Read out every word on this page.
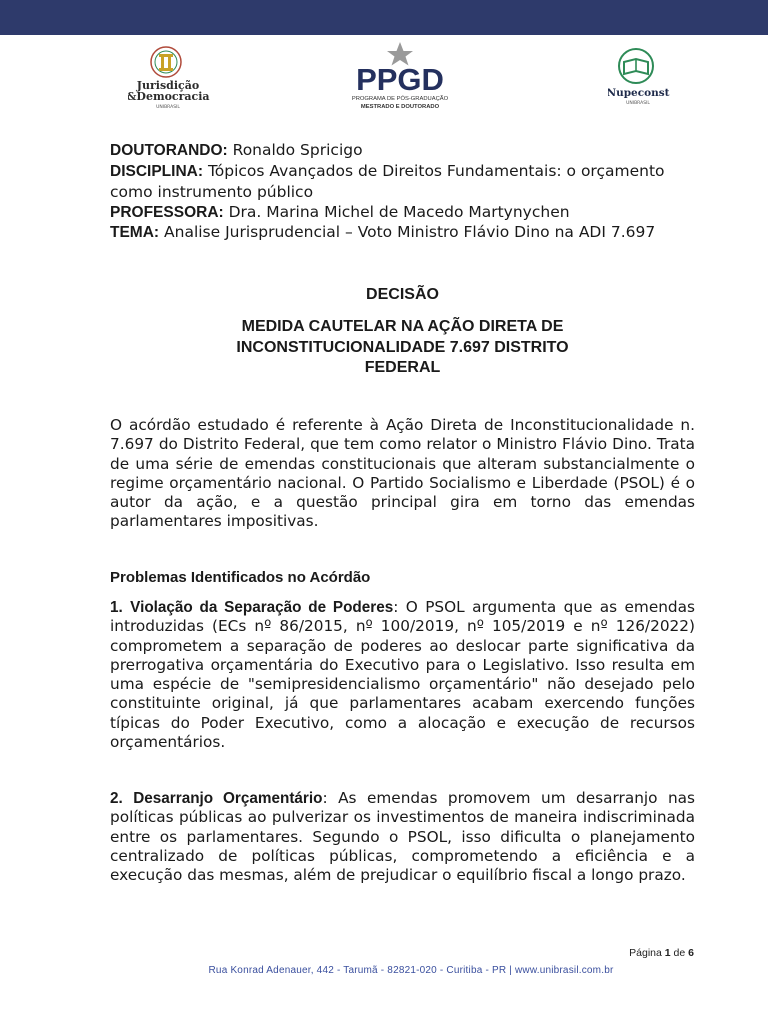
Jurisdição
&Democracia
UNIBRASIL
PPGD
PROGRAMA DE PÓS-GRADUAÇÃO
MESTRADO E DOUTORADO
Nupeconst
UNIBRASIL
DOUTORANDO: Ronaldo Spricigo
DISCIPLINA: Tópicos Avançados de Direitos Fundamentais: o orçamento como instrumento público
PROFESSORA: Dra. Marina Michel de Macedo Martynychen
TEMA: Analise Jurisprudencial – Voto Ministro Flávio Dino na ADI 7.697
DECISÃO
MEDIDA CAUTELAR NA AÇÃO DIRETA DE
INCONSTITUCIONALIDADE 7.697 DISTRITO
FEDERAL
O acórdão estudado é referente à Ação Direta de Inconstitucionalidade n. 7.697 do Distrito Federal, que tem como relator o Ministro Flávio Dino. Trata de uma série de emendas constitucionais que alteram substancialmente o regime orçamentário nacional. O Partido Socialismo e Liberdade (PSOL) é o autor da ação, e a questão principal gira em torno das emendas parlamentares impositivas.
Problemas Identificados no Acórdão
1. Violação da Separação de Poderes: O PSOL argumenta que as emendas introduzidas (ECs nº 86/2015, nº 100/2019, nº 105/2019 e nº 126/2022) comprometem a separação de poderes ao deslocar parte significativa da prerrogativa orçamentária do Executivo para o Legislativo. Isso resulta em uma espécie de "semipresidencialismo orçamentário" não desejado pelo constituinte original, já que parlamentares acabam exercendo funções típicas do Poder Executivo, como a alocação e execução de recursos orçamentários.
2. Desarranjo Orçamentário: As emendas promovem um desarranjo nas políticas públicas ao pulverizar os investimentos de maneira indiscriminada entre os parlamentares. Segundo o PSOL, isso dificulta o planejamento centralizado de políticas públicas, comprometendo a eficiência e a execução das mesmas, além de prejudicar o equilíbrio fiscal a longo prazo.
Página 1 de 6
Rua Konrad Adenauer, 442 - Tarumã - 82821-020 - Curitiba - PR | www.unibrasil.com.br
